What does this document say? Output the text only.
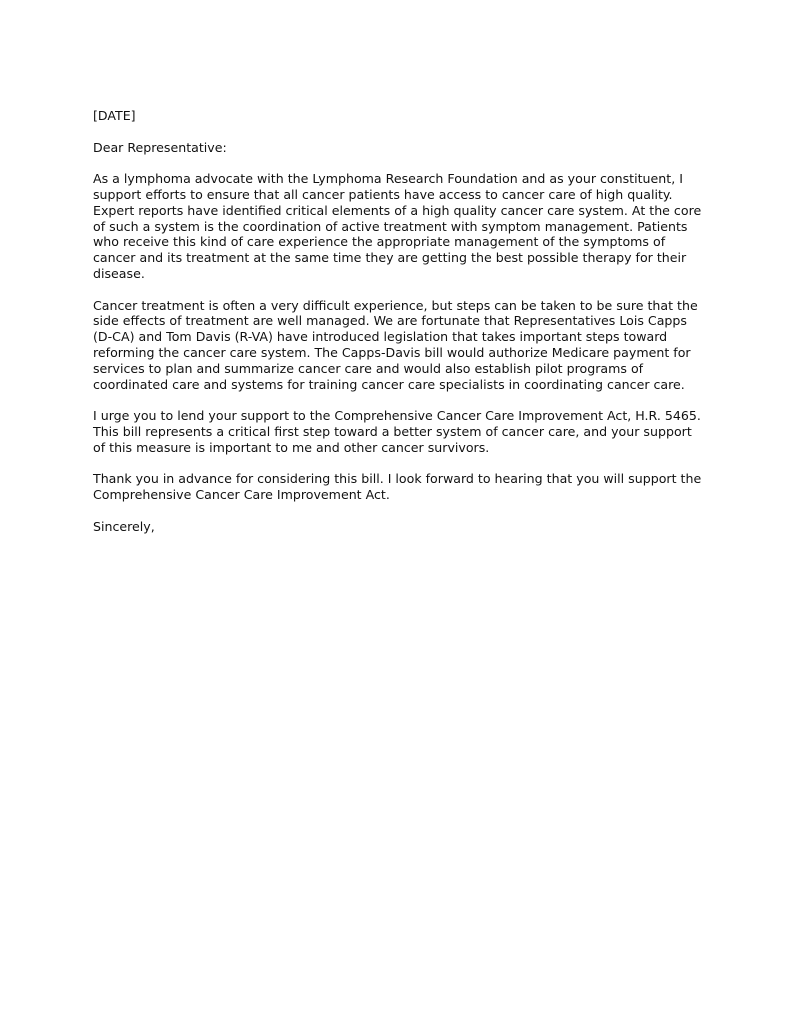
[DATE]

Dear Representative:

As a lymphoma advocate with the Lymphoma Research Foundation and as your constituent, I support efforts to ensure that all cancer patients have access to cancer care of high quality. Expert reports have identified critical elements of a high quality cancer care system. At the core of such a system is the coordination of active treatment with symptom management. Patients who receive this kind of care experience the appropriate management of the symptoms of cancer and its treatment at the same time they are getting the best possible therapy for their disease.

Cancer treatment is often a very difficult experience, but steps can be taken to be sure that the side effects of treatment are well managed. We are fortunate that Representatives Lois Capps (D-CA) and Tom Davis (R-VA) have introduced legislation that takes important steps toward reforming the cancer care system. The Capps-Davis bill would authorize Medicare payment for services to plan and summarize cancer care and would also establish pilot programs of coordinated care and systems for training cancer care specialists in coordinating cancer care.

I urge you to lend your support to the Comprehensive Cancer Care Improvement Act, H.R. 5465. This bill represents a critical first step toward a better system of cancer care, and your support of this measure is important to me and other cancer survivors.

Thank you in advance for considering this bill. I look forward to hearing that you will support the Comprehensive Cancer Care Improvement Act.

Sincerely,
